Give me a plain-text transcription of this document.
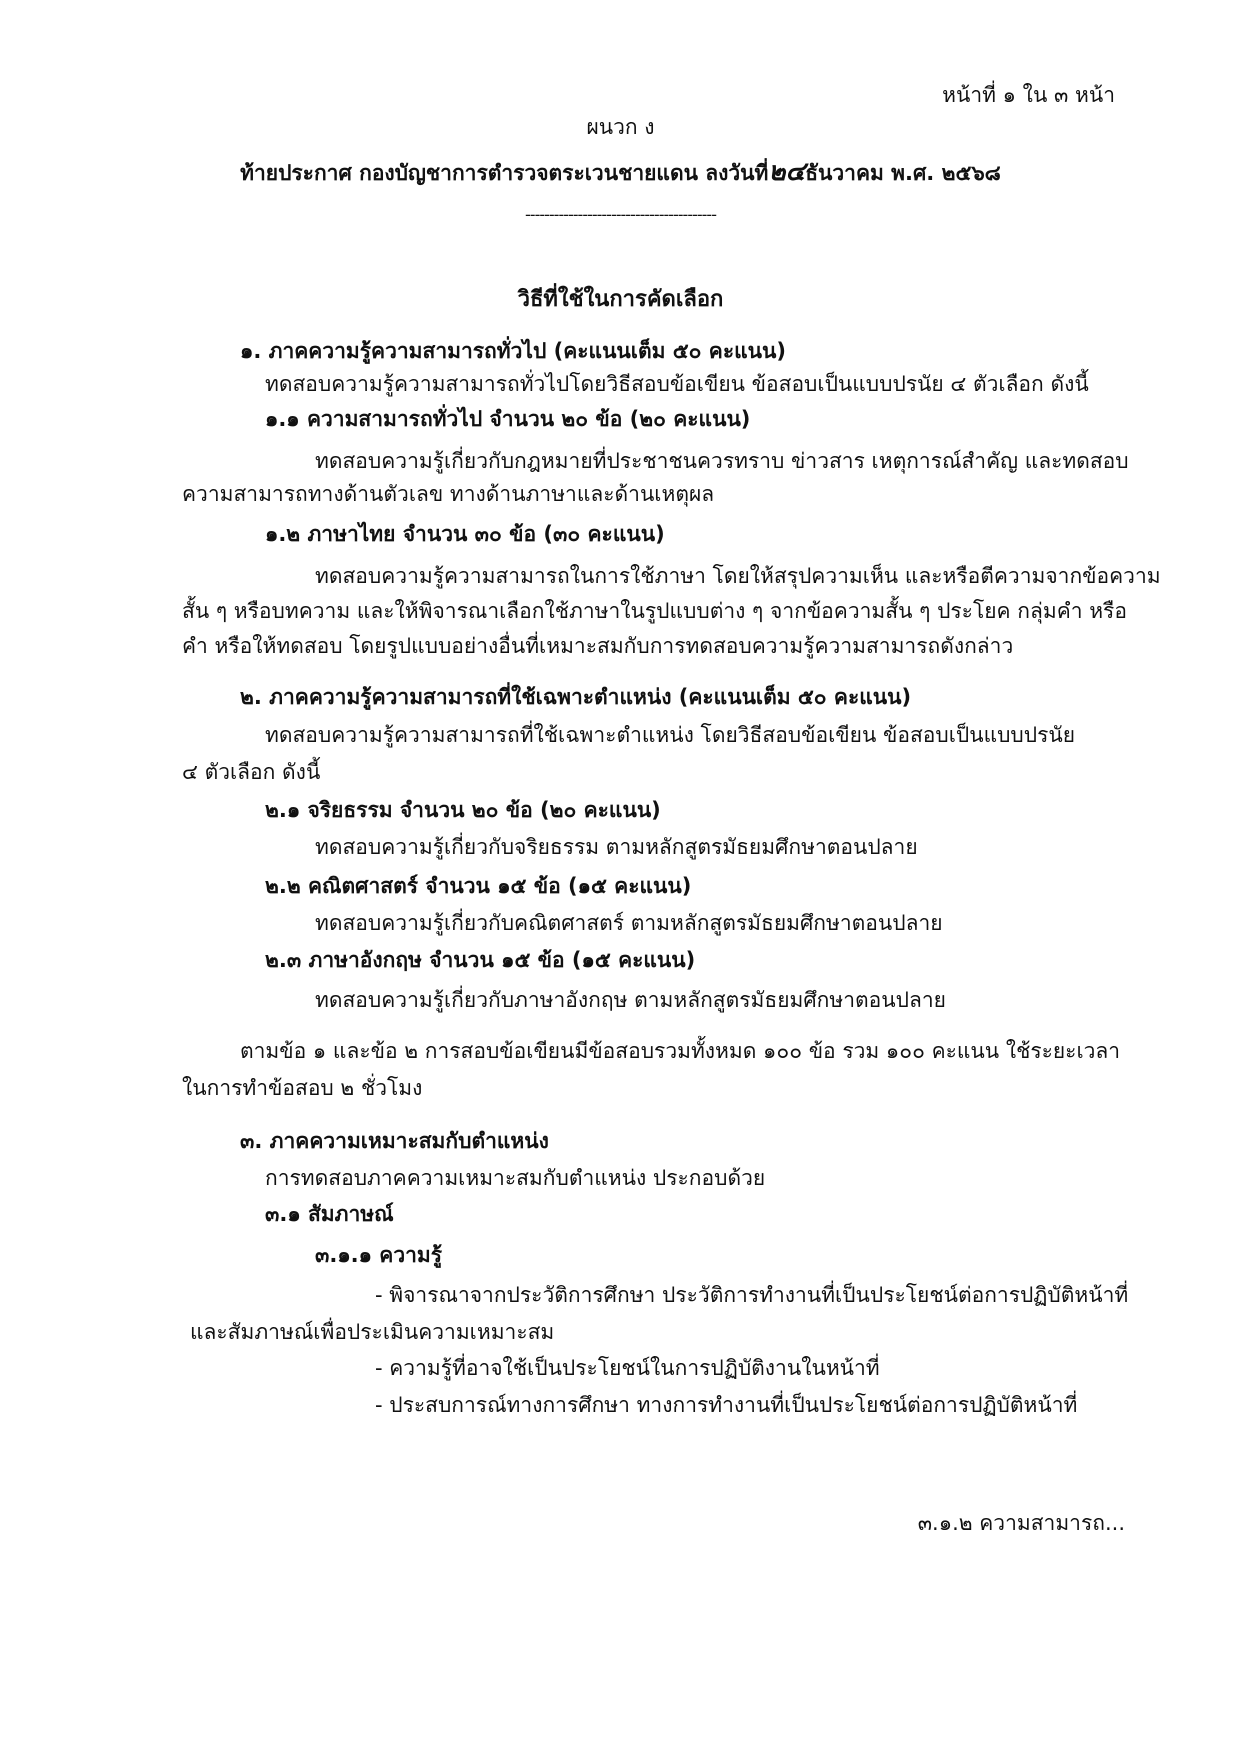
หน้าที่ ๑ ใน ๓ หน้า
ผนวก ง
ท้ายประกาศ กองบัญชาการตำรวจตระเวนชายแดน ลงวันที่๒๔ธันวาคม พ.ศ. ๒๕๖๘
----------------------------------------
วิธีที่ใช้ในการคัดเลือก
๑. ภาคความรู้ความสามารถทั่วไป (คะแนนเต็ม ๕๐ คะแนน)
ทดสอบความรู้ความสามารถทั่วไปโดยวิธีสอบข้อเขียน ข้อสอบเป็นแบบปรนัย ๔ ตัวเลือก ดังนี้
๑.๑ ความสามารถทั่วไป จำนวน ๒๐ ข้อ (๒๐ คะแนน)
ทดสอบความรู้เกี่ยวกับกฎหมายที่ประชาชนควรทราบ ข่าวสาร เหตุการณ์สำคัญ และทดสอบ
ความสามารถทางด้านตัวเลข ทางด้านภาษาและด้านเหตุผล
๑.๒ ภาษาไทย จำนวน ๓๐ ข้อ (๓๐ คะแนน)
ทดสอบความรู้ความสามารถในการใช้ภาษา โดยให้สรุปความเห็น และหรือตีความจากข้อความ
สั้น ๆ หรือบทความ และให้พิจารณาเลือกใช้ภาษาในรูปแบบต่าง ๆ จากข้อความสั้น ๆ ประโยค กลุ่มคำ หรือ
คำ หรือให้ทดสอบ โดยรูปแบบอย่างอื่นที่เหมาะสมกับการทดสอบความรู้ความสามารถดังกล่าว
๒. ภาคความรู้ความสามารถที่ใช้เฉพาะตำแหน่ง (คะแนนเต็ม ๕๐ คะแนน)
ทดสอบความรู้ความสามารถที่ใช้เฉพาะตำแหน่ง โดยวิธีสอบข้อเขียน ข้อสอบเป็นแบบปรนัย
๔ ตัวเลือก ดังนี้
๒.๑ จริยธรรม จำนวน ๒๐ ข้อ (๒๐ คะแนน)
ทดสอบความรู้เกี่ยวกับจริยธรรม ตามหลักสูตรมัธยมศึกษาตอนปลาย
๒.๒ คณิตศาสตร์ จำนวน ๑๕ ข้อ (๑๕ คะแนน)
ทดสอบความรู้เกี่ยวกับคณิตศาสตร์ ตามหลักสูตรมัธยมศึกษาตอนปลาย
๒.๓ ภาษาอังกฤษ จำนวน ๑๕ ข้อ (๑๕ คะแนน)
ทดสอบความรู้เกี่ยวกับภาษาอังกฤษ ตามหลักสูตรมัธยมศึกษาตอนปลาย
ตามข้อ ๑ และข้อ ๒ การสอบข้อเขียนมีข้อสอบรวมทั้งหมด ๑๐๐ ข้อ รวม ๑๐๐ คะแนน ใช้ระยะเวลา
ในการทำข้อสอบ ๒ ชั่วโมง
๓. ภาคความเหมาะสมกับตำแหน่ง
การทดสอบภาคความเหมาะสมกับตำแหน่ง ประกอบด้วย
๓.๑ สัมภาษณ์
๓.๑.๑ ความรู้
- พิจารณาจากประวัติการศึกษา ประวัติการทำงานที่เป็นประโยชน์ต่อการปฏิบัติหน้าที่
และสัมภาษณ์เพื่อประเมินความเหมาะสม
- ความรู้ที่อาจใช้เป็นประโยชน์ในการปฏิบัติงานในหน้าที่
- ประสบการณ์ทางการศึกษา ทางการทำงานที่เป็นประโยชน์ต่อการปฏิบัติหน้าที่
๓.๑.๒ ความสามารถ...
